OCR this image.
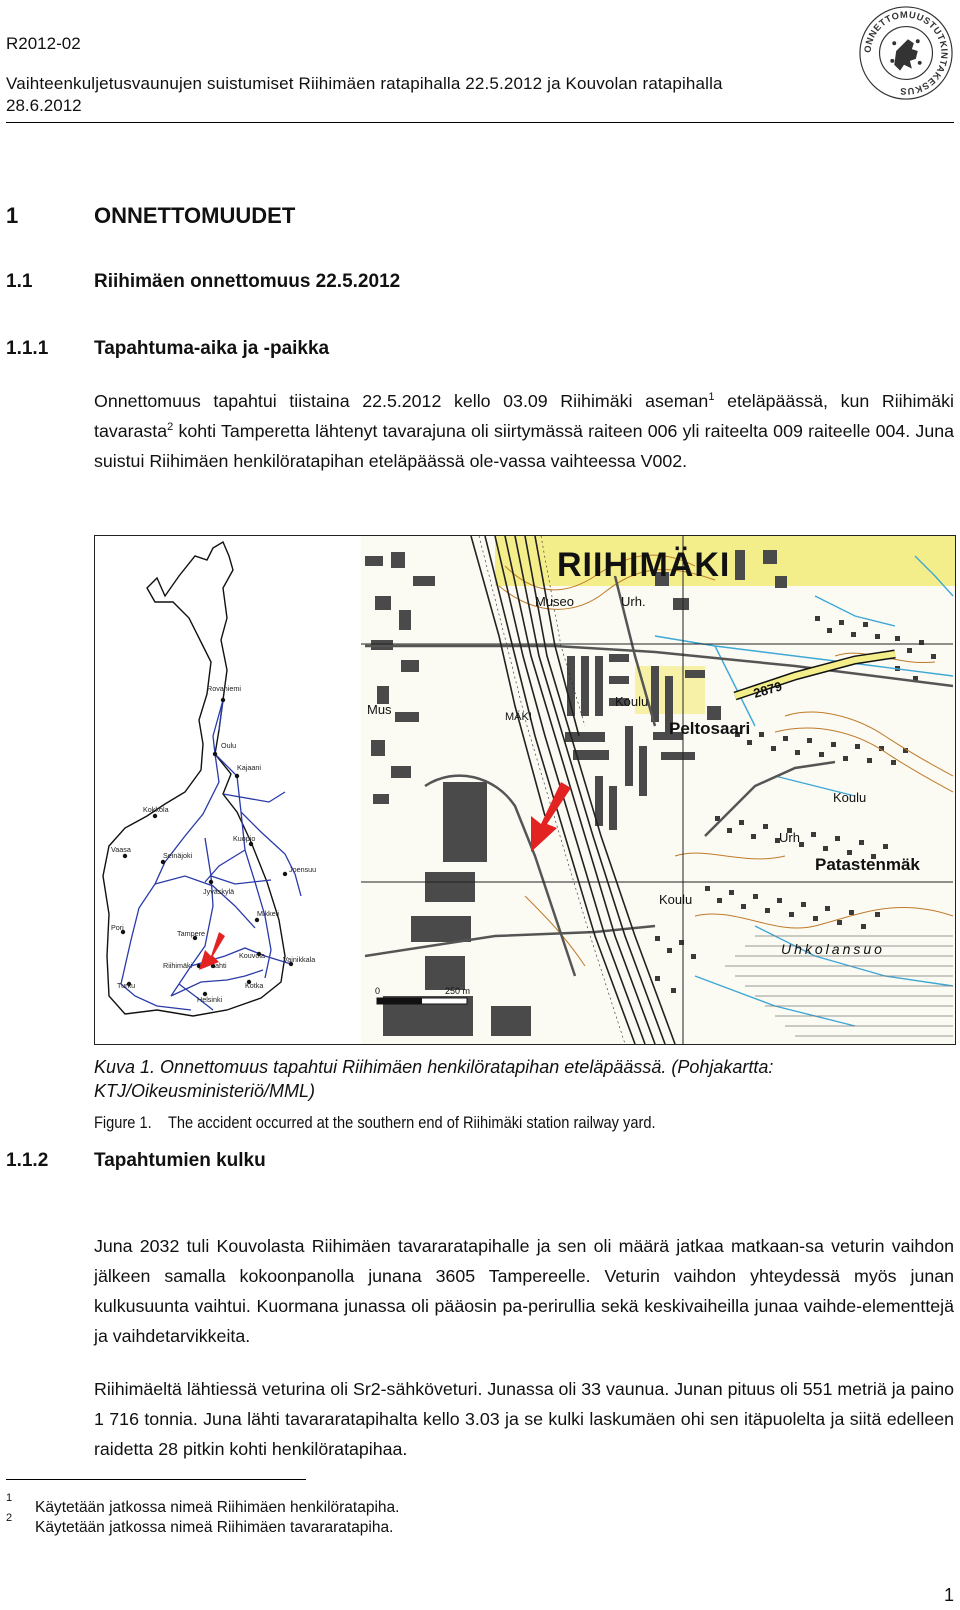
R2012-02
Vaihteenkuljetusvaunujen suistumiset Riihimäen ratapihalla 22.5.2012 ja Kouvolan ratapihalla
28.6.2012
ONNETTOMUUSTUTKINTAKESKUS
1	ONNETTOMUUDET
1.1	Riihimäen onnettomuus 22.5.2012
1.1.1 Tapahtuma-aika ja -paikka
Onnettomuus tapahtui tiistaina 22.5.2012 kello 03.09 Riihimäki aseman$^1$ eteläpäässä, kun Riihimäki tavarasta$^2$ kohti Tamperetta lähtenyt tavarajuna oli siirtymässä raiteen 006 yli raiteelta 009 raiteelle 004. Juna suistui Riihimäen henkilöratapihan eteläpäässä ole-vassa vaihteessa V002.
Rovaniemi
Oulu
Kokkola
Kajaani
Vaasa
Seinäjoki
Kuopio
Jyväskylä
Joensuu
Pori
Tampere
Mikkeli
Kouvola	Vainikkala
Riihimäki	Lahti
Turku	Kotka
Helsinki
RIIHIMÄKI
Museo	Urh.
Mus
Koulu
Peltosaari
2879
MÄKI
Urh
Koulu
Patastenmäk
Koulu
Uhkolansuo
0	250 m
Kuva 1. Onnettomuus tapahtui Riihimäen henkilöratapihan eteläpäässä. (Pohjakartta: KTJ/Oikeusministeriö/MML)
Figure 1. The accident occurred at the southern end of Riihimäki station railway yard.
1.1.2 Tapahtumien kulku
Juna 2032 tuli Kouvolasta Riihimäen tavararatapihalle ja sen oli määrä jatkaa matkaan-sa veturin vaihdon jälkeen samalla kokoonpanolla junana 3605 Tampereelle. Veturin vaihdon yhteydessä myös junan kulkusuunta vaihtui. Kuormana junassa oli pääosin pa-perirullia sekä keskivaiheilla junaa vaihde-elementtejä ja vaihdetarvikkeita.
Riihimäeltä lähtiessä veturina oli Sr2-sähköveturi. Junassa oli 33 vaunua. Junan pituus oli 551 metriä ja paino 1 716 tonnia. Juna lähti tavararatapihalta kello 3.03 ja se kulki laskumäen ohi sen itäpuolelta ja siitä edelleen raidetta 28 pitkin kohti henkilöratapihaa.
1
Käytetään jatkossa nimeä Riihimäen henkilöratapiha.
2
Käytetään jatkossa nimeä Riihimäen tavararatapiha.
1
